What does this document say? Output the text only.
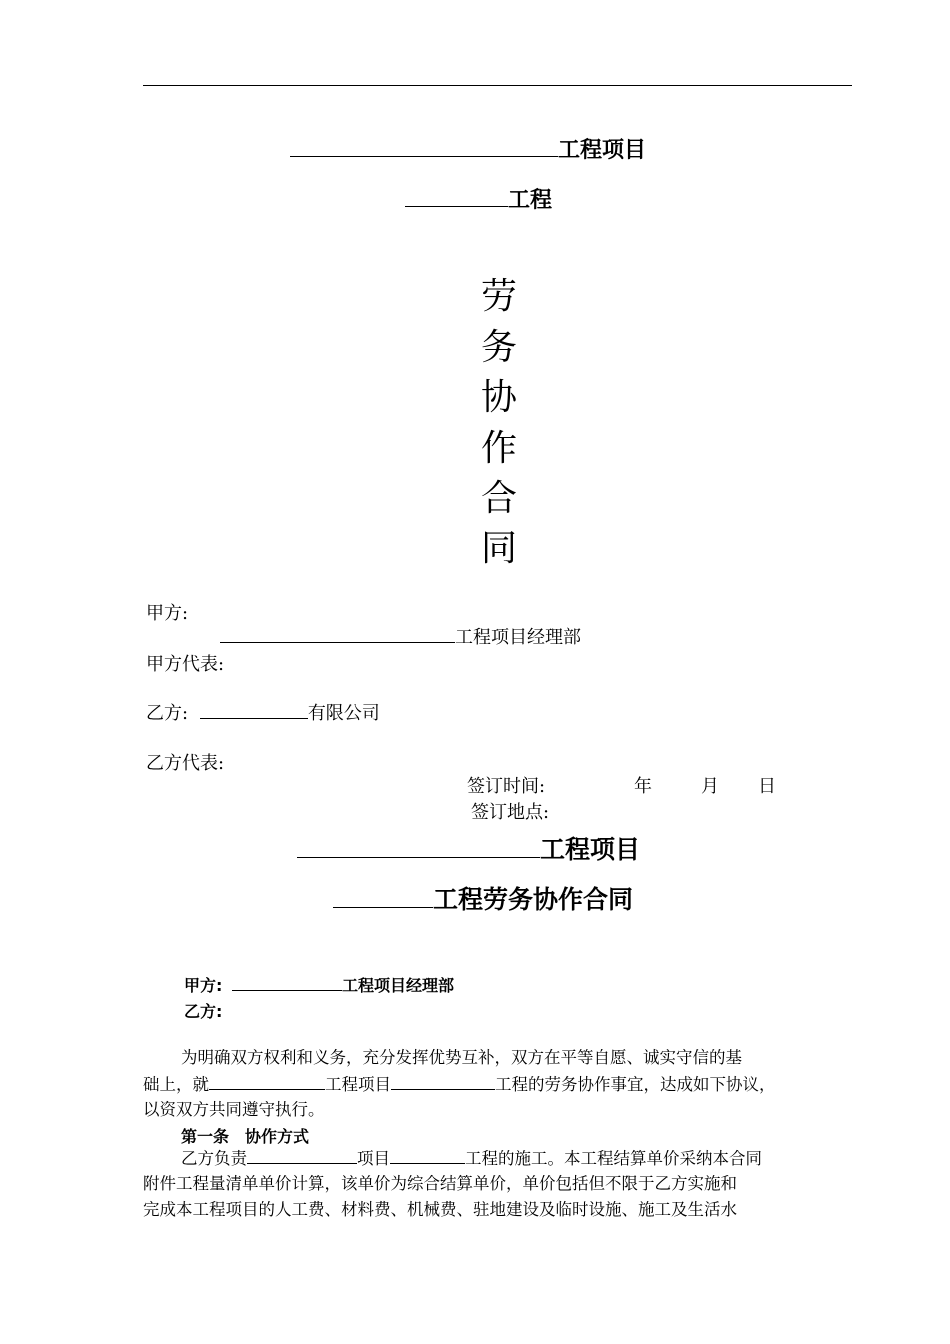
工程项目
工程
劳
务
协
作
合
同
甲方:
工程项目经理部
甲方代表:
乙方:	有限公司
乙方代表:
签订时间:	年	月 日
签订地点:
工程项目
工程劳务协作合同
甲方:	工程项目经理部
乙方:
为明确双方权利和义务，充分发挥优势互补，双方在平等自愿、诚实守信的基
础上，就	工程项目	工程的劳务协作事宜，达成如下协议，
以资双方共同遵守执行。
第一条　协作方式
乙方负责	项目	工程的施工。本工程结算单价采纳本合同
附件工程量清单单价计算，该单价为综合结算单价，单价包括但不限于乙方实施和
完成本工程项目的人工费、材料费、机械费、驻地建设及临时设施、施工及生活水
